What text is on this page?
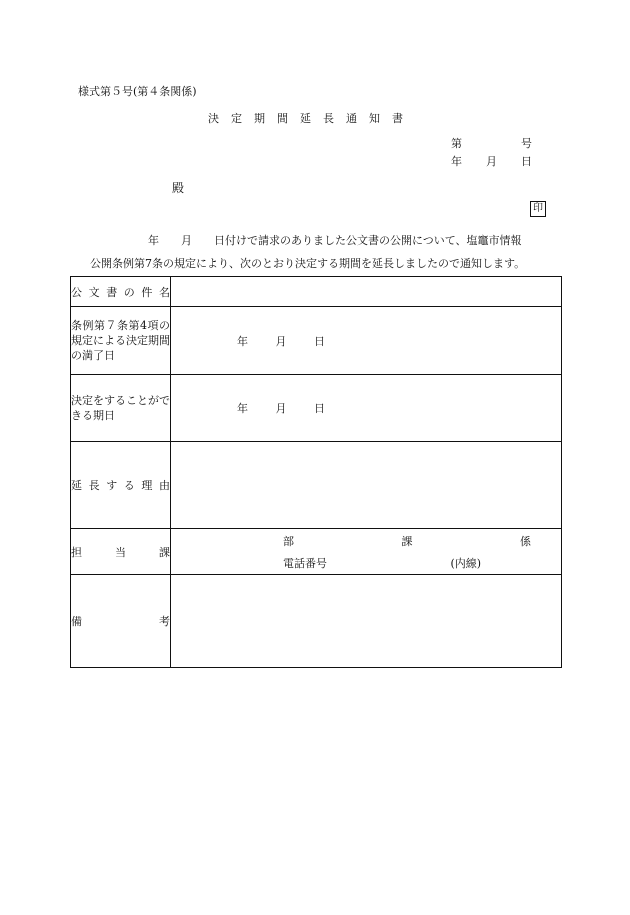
様式第５号(第４条関係)
決定期間延長通知書
第	号
年 月 日
殿
印
年　　月　　日付けで請求のありました公文書の公開について、塩竈市情報
公開条例第7条の規定により、次のとおり決定する期間を延長しましたので通知します。
公文書の件名	

条例第７条第4項の規定による決定期間の満了日	年 月 日

決定をすることができる期日	年 月 日

延長する理由	

担当課	部 課 係
電話番号 (内線)

備考	
